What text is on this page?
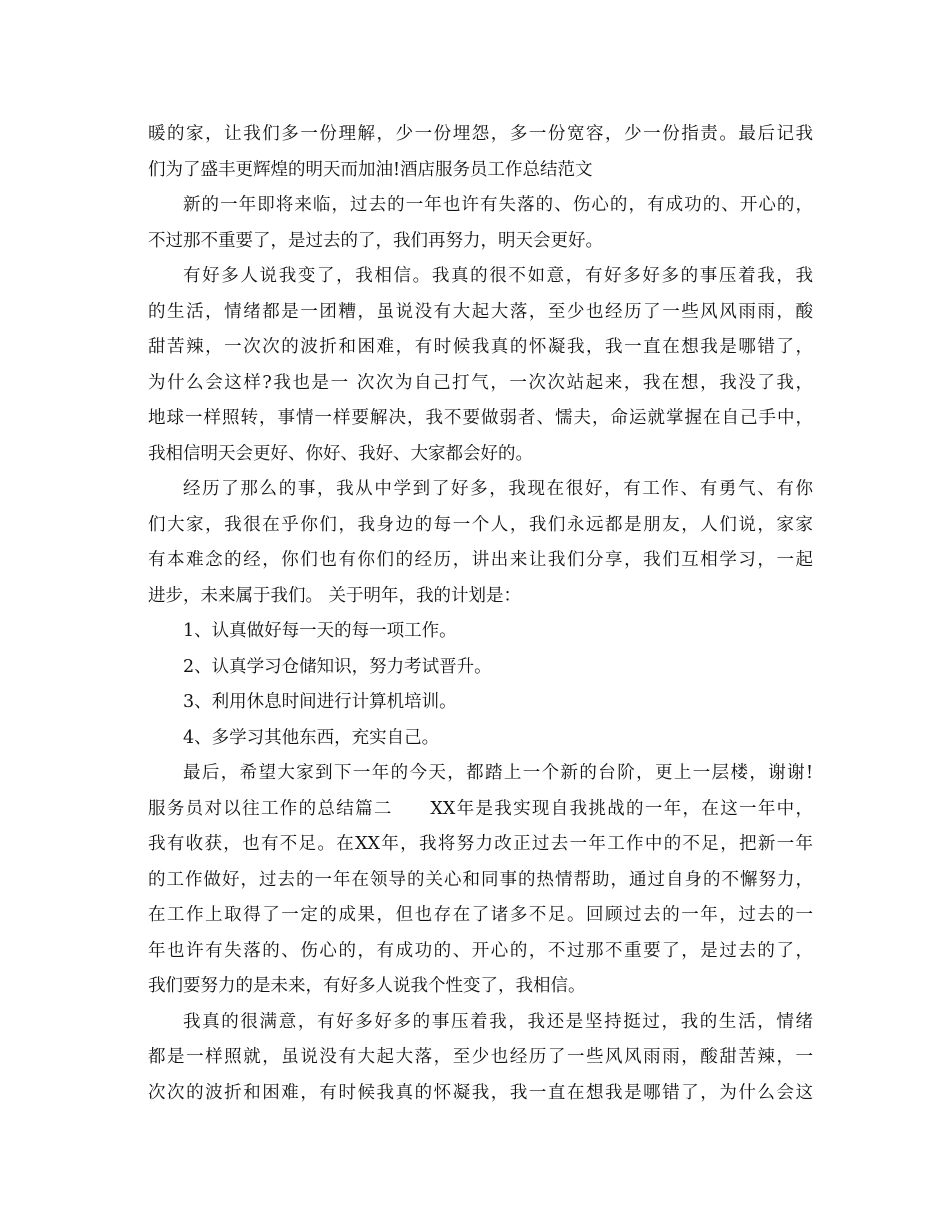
暖的家，让我们多一份理解，少一份埋怨，多一份宽容，少一份指责。最后记我
们为了盛丰更辉煌的明天而加油!酒店服务员工作总结范文
新的一年即将来临，过去的一年也许有失落的、伤心的，有成功的、开心的，
不过那不重要了，是过去的了，我们再努力，明天会更好。
有好多人说我变了，我相信。我真的很不如意，有好多好多的事压着我，我
的生活，情绪都是一团糟，虽说没有大起大落，至少也经历了一些风风雨雨，酸
甜苦辣，一次次的波折和困难，有时候我真的怀凝我，我一直在想我是哪错了，
为什么会这样?我也是一 次次为自己打气，一次次站起来，我在想，我没了我，
地球一样照转，事情一样要解决，我不要做弱者、懦夫，命运就掌握在自己手中，
我相信明天会更好、你好、我好、大家都会好的。
经历了那么的事，我从中学到了好多，我现在很好，有工作、有勇气、有你
们大家，我很在乎你们，我身边的每一个人，我们永远都是朋友，人们说，家家
有本难念的经，你们也有你们的经历，讲出来让我们分享，我们互相学习，一起
进步，未来属于我们。 关于明年，我的计划是：
1、认真做好每一天的每一项工作。
2、认真学习仓储知识，努力考试晋升。
3、利用休息时间进行计算机培训。
4、多学习其他东西，充实自己。
最后，希望大家到下一年的今天，都踏上一个新的台阶，更上一层楼，谢谢!
服务员对以往工作的总结篇二　　XX年是我实现自我挑战的一年，在这一年中，
我有收获，也有不足。在XX年，我将努力改正过去一年工作中的不足，把新一年
的工作做好，过去的一年在领导的关心和同事的热情帮助，通过自身的不懈努力，
在工作上取得了一定的成果，但也存在了诸多不足。回顾过去的一年，过去的一
年也许有失落的、伤心的，有成功的、开心的，不过那不重要了，是过去的了，
我们要努力的是未来，有好多人说我个性变了，我相信。
我真的很满意，有好多好多的事压着我，我还是坚持挺过，我的生活，情绪
都是一样照就，虽说没有大起大落，至少也经历了一些风风雨雨，酸甜苦辣，一
次次的波折和困难，有时候我真的怀凝我，我一直在想我是哪错了，为什么会这
